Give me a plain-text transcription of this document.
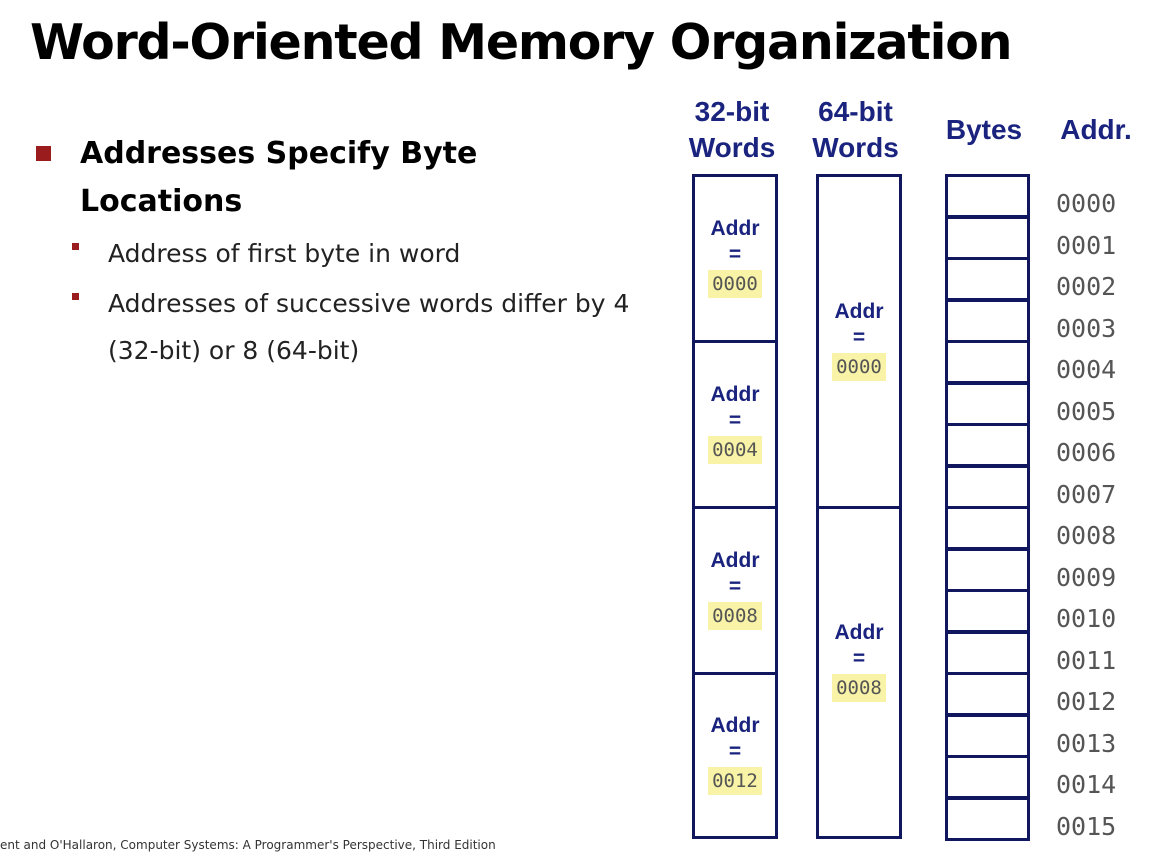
Word-Oriented Memory Organization
Addresses Specify Byte Locations
Address of first byte in word
Addresses of successive words differ by 4 (32-bit) or 8 (64-bit)
32-bit Words
64-bit Words
Bytes	Addr.
Addr
=
0000
Addr
=
0004
Addr
=
0008
Addr
=
0012
Addr
=
0000
Addr
=
0008
0000
0001
0002
0003
0004
0005
0006
0007
0008
0009
0010
0011
0012
0013
0014
0015
ent and O'Hallaron, Computer Systems: A Programmer's Perspective, Third Edition
